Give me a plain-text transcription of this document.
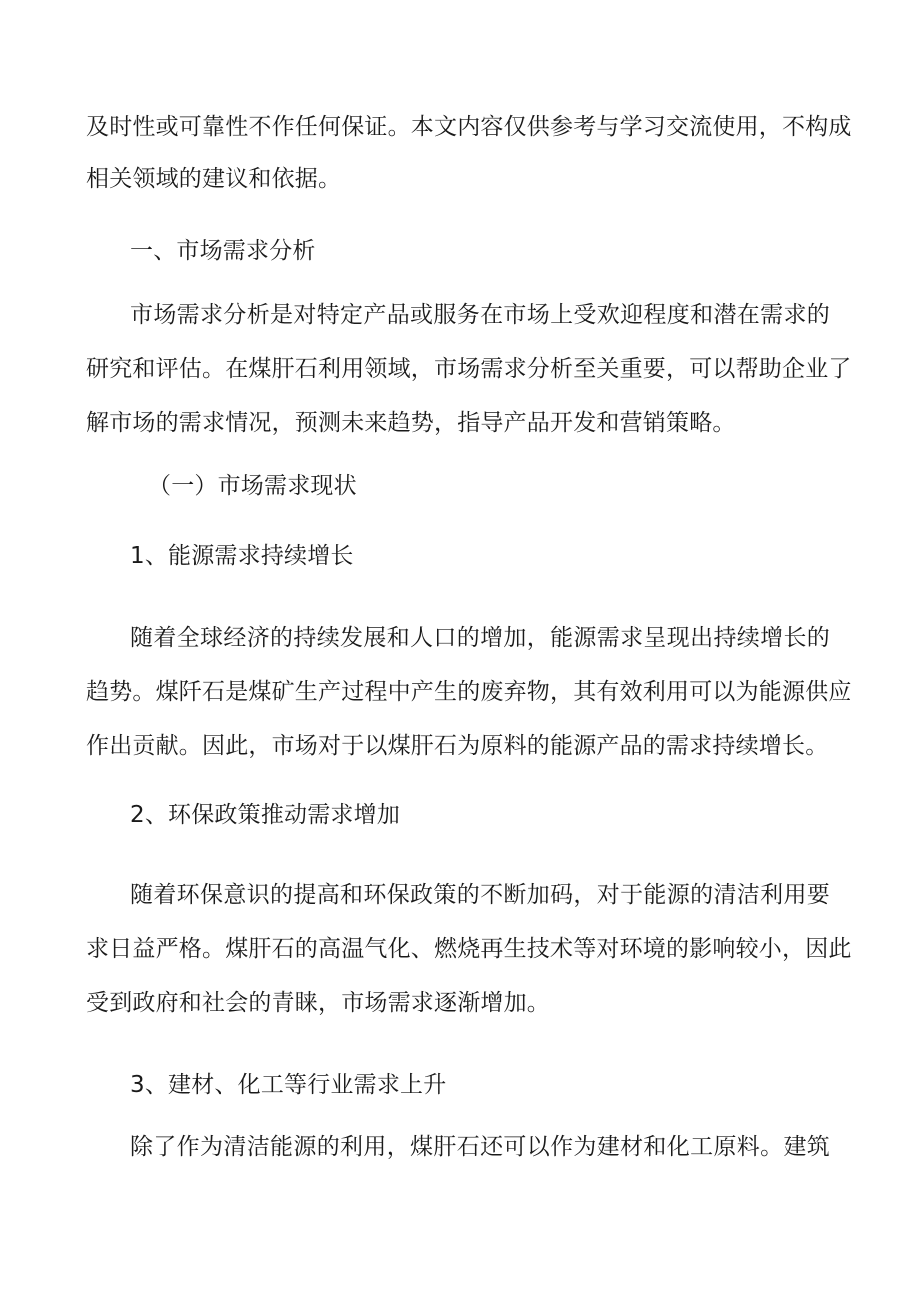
及时性或可靠性不作任何保证。本文内容仅供参考与学习交流使用，不构成
相关领域的建议和依据。
一、市场需求分析
市场需求分析是对特定产品或服务在市场上受欢迎程度和潜在需求的
研究和评估。在煤肝石利用领域，市场需求分析至关重要，可以帮助企业了
解市场的需求情况，预测未来趋势，指导产品开发和营销策略。
（一）市场需求现状
1、能源需求持续增长
随着全球经济的持续发展和人口的增加，能源需求呈现出持续增长的
趋势。煤阡石是煤矿生产过程中产生的废弃物，其有效利用可以为能源供应
作出贡献。因此，市场对于以煤肝石为原料的能源产品的需求持续增长。
2、环保政策推动需求增加
随着环保意识的提高和环保政策的不断加码，对于能源的清洁利用要
求日益严格。煤肝石的高温气化、燃烧再生技术等对环境的影响较小，因此
受到政府和社会的青睐，市场需求逐渐增加。
3、建材、化工等行业需求上升
除了作为清洁能源的利用，煤肝石还可以作为建材和化工原料。建筑
